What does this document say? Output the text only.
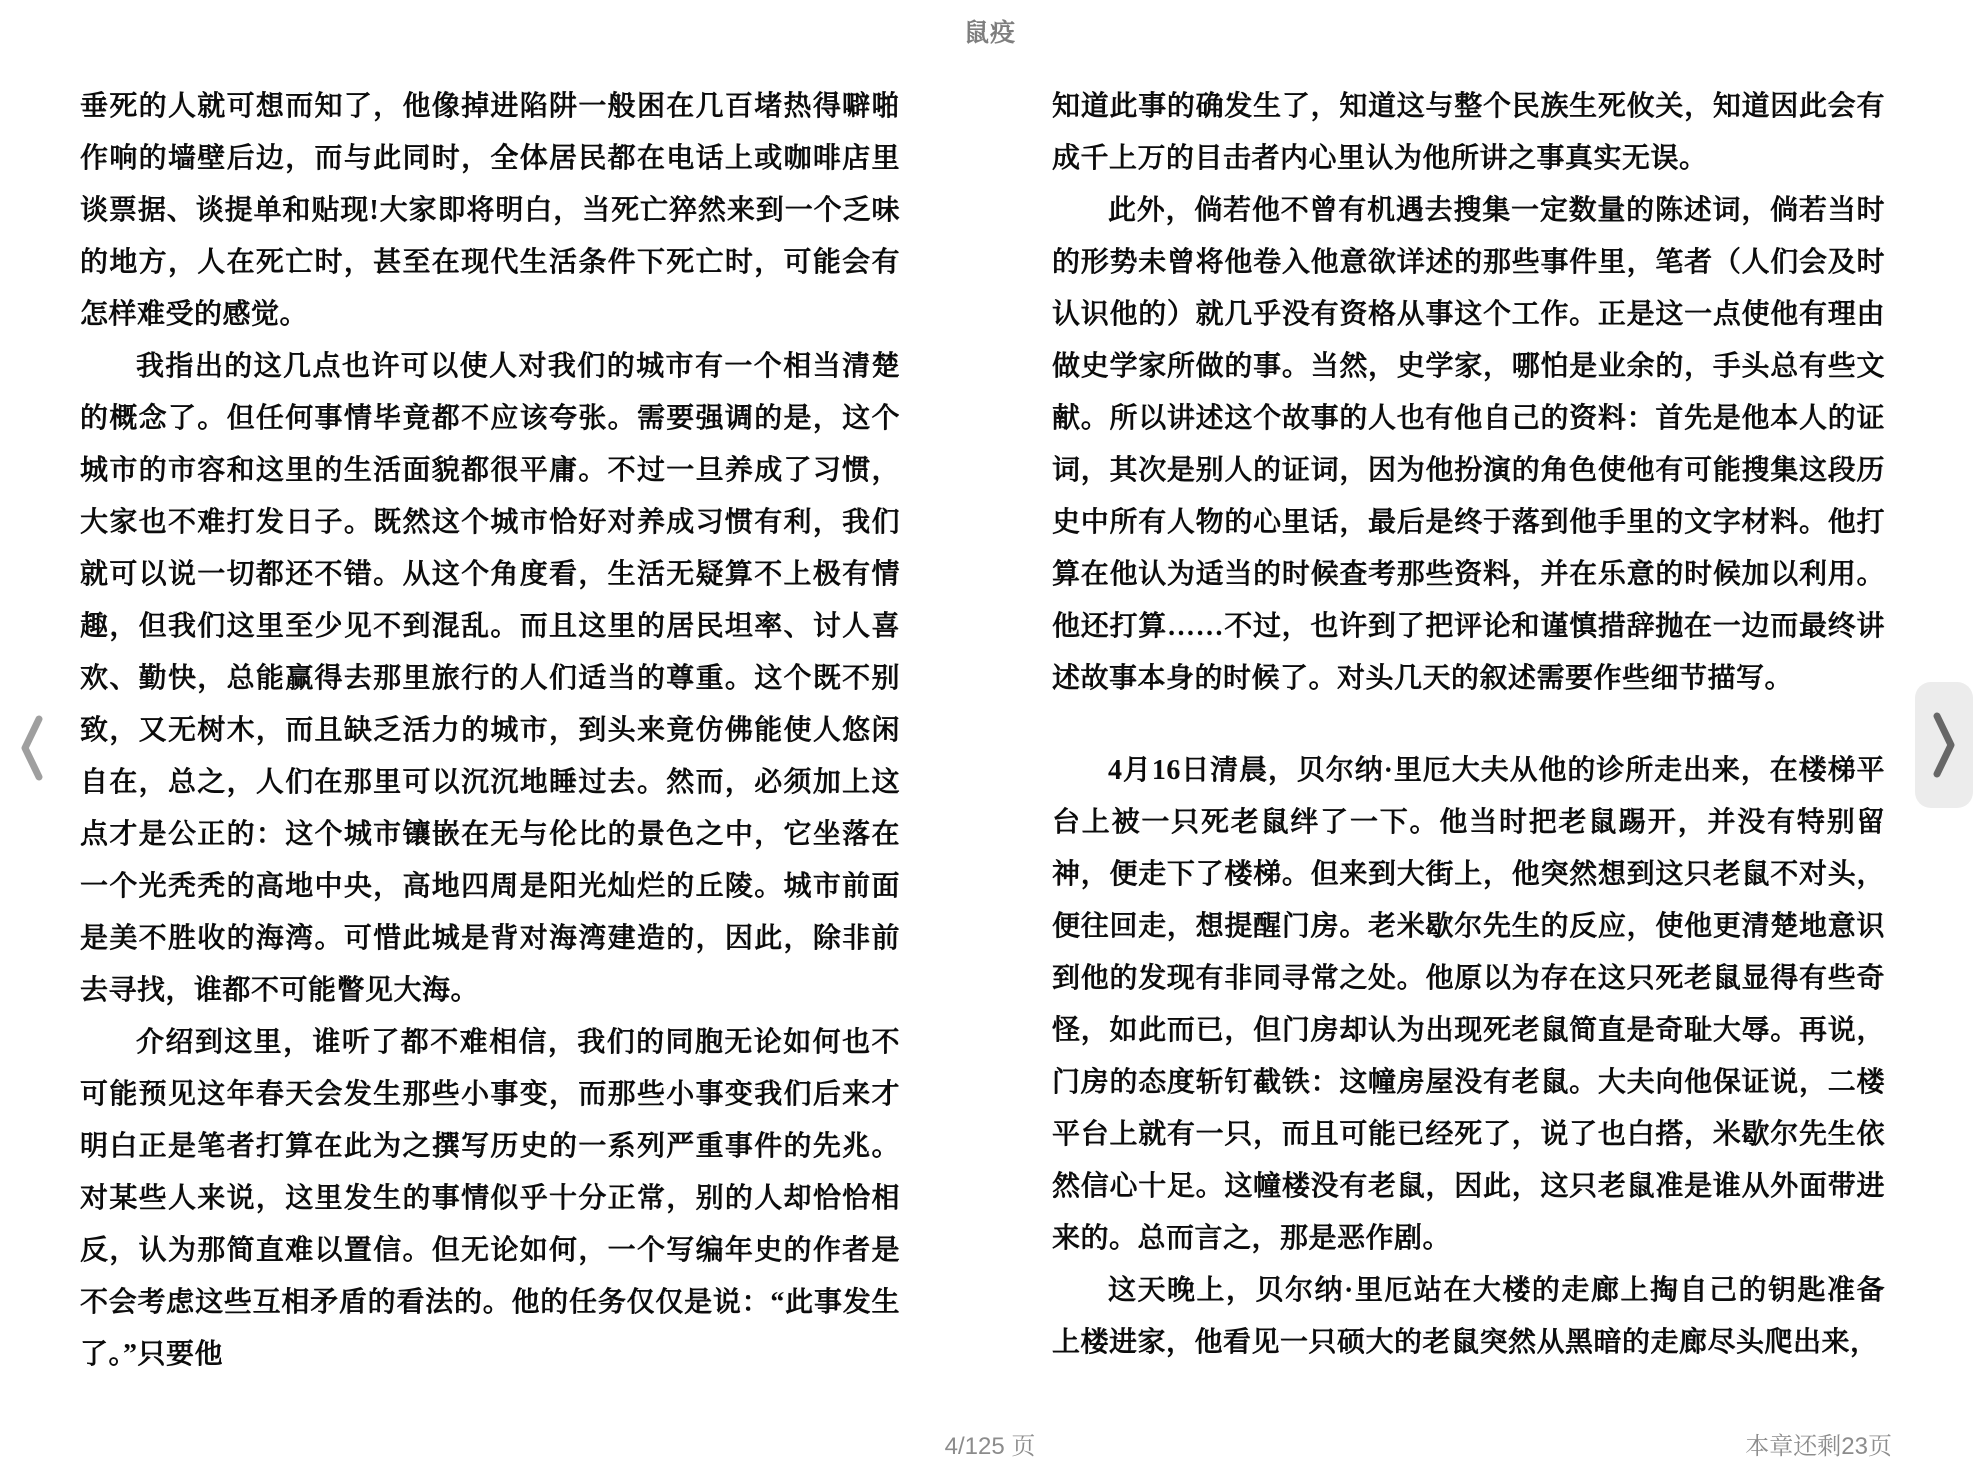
鼠疫

垂死的人就可想而知了，他像掉进陷阱一般困在几百堵热得噼啪作响的墙壁后边，而与此同时，全体居民都在电话上或咖啡店里谈票据、谈提单和贴现!大家即将明白，当死亡猝然来到一个乏味的地方，人在死亡时，甚至在现代生活条件下死亡时，可能会有怎样难受的感觉。

我指出的这几点也许可以使人对我们的城市有一个相当清楚的概念了。但任何事情毕竟都不应该夸张。需要强调的是，这个城市的市容和这里的生活面貌都很平庸。不过一旦养成了习惯，大家也不难打发日子。既然这个城市恰好对养成习惯有利，我们就可以说一切都还不错。从这个角度看，生活无疑算不上极有情趣，但我们这里至少见不到混乱。而且这里的居民坦率、讨人喜欢、勤快，总能赢得去那里旅行的人们适当的尊重。这个既不别致，又无树木，而且缺乏活力的城市，到头来竟仿佛能使人悠闲自在，总之，人们在那里可以沉沉地睡过去。然而，必须加上这点才是公正的：这个城市镶嵌在无与伦比的景色之中，它坐落在一个光秃秃的高地中央，高地四周是阳光灿烂的丘陵。城市前面是美不胜收的海湾。可惜此城是背对海湾建造的，因此，除非前去寻找，谁都不可能瞥见大海。

介绍到这里，谁听了都不难相信，我们的同胞无论如何也不可能预见这年春天会发生那些小事变，而那些小事变我们后来才明白正是笔者打算在此为之撰写历史的一系列严重事件的先兆。对某些人来说，这里发生的事情似乎十分正常，别的人却恰恰相反，认为那简直难以置信。但无论如何，一个写编年史的作者是不会考虑这些互相矛盾的看法的。他的任务仅仅是说：“此事发生了。”只要他

知道此事的确发生了，知道这与整个民族生死攸关，知道因此会有成千上万的目击者内心里认为他所讲之事真实无误。

此外，倘若他不曾有机遇去搜集一定数量的陈述词，倘若当时的形势未曾将他卷入他意欲详述的那些事件里，笔者（人们会及时认识他的）就几乎没有资格从事这个工作。正是这一点使他有理由做史学家所做的事。当然，史学家，哪怕是业余的，手头总有些文献。所以讲述这个故事的人也有他自己的资料：首先是他本人的证词，其次是别人的证词，因为他扮演的角色使他有可能搜集这段历史中所有人物的心里话，最后是终于落到他手里的文字材料。他打算在他认为适当的时候查考那些资料，并在乐意的时候加以利用。他还打算……不过，也许到了把评论和谨慎措辞抛在一边而最终讲述故事本身的时候了。对头几天的叙述需要作些细节描写。

4月16日清晨，贝尔纳·里厄大夫从他的诊所走出来，在楼梯平台上被一只死老鼠绊了一下。他当时把老鼠踢开，并没有特别留神，便走下了楼梯。但来到大街上，他突然想到这只老鼠不对头，便往回走，想提醒门房。老米歇尔先生的反应，使他更清楚地意识到他的发现有非同寻常之处。他原以为存在这只死老鼠显得有些奇怪，如此而已，但门房却认为出现死老鼠简直是奇耻大辱。再说，门房的态度斩钉截铁：这幢房屋没有老鼠。大夫向他保证说，二楼平台上就有一只，而且可能已经死了，说了也白搭，米歇尔先生依然信心十足。这幢楼没有老鼠，因此，这只老鼠准是谁从外面带进来的。总而言之，那是恶作剧。

这天晚上，贝尔纳·里厄站在大楼的走廊上掏自己的钥匙准备上楼进家，他看见一只硕大的老鼠突然从黑暗的走廊尽头爬出来，

4/125 页	本章还剩23页
